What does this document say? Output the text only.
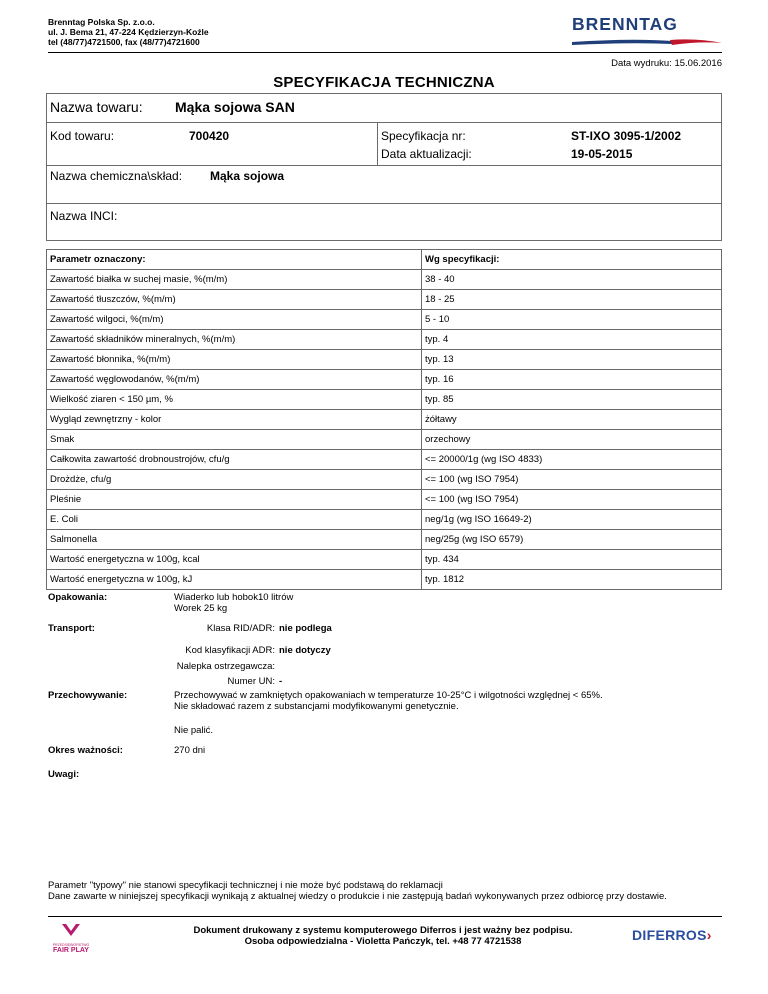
Brenntag Polska Sp. z.o.o.
ul. J. Bema 21, 47-224 Kędzierzyn-Koźle
tel (48/77)4721500, fax (48/77)4721600
BRENNTAG
Data wydruku: 15.06.2016
SPECYFIKACJA TECHNICZNA
Nazwa towaru: Mąka sojowa SAN
Kod towaru:	700420	Specyfikacja nr:	ST-IXO 3095-1/2002
Data aktualizacji:	19-05-2015
Nazwa chemiczna\skład: Mąka sojowa
Nazwa INCI:
Parametr oznaczony:	Wg specyfikacji:
Zawartość białka w suchej masie, %(m/m)	38 - 40
Zawartość tłuszczów, %(m/m)	18 - 25
Zawartość wilgoci, %(m/m)	5 - 10
Zawartość składników mineralnych, %(m/m)	typ. 4
Zawartość błonnika, %(m/m)	typ. 13
Zawartość węglowodanów, %(m/m)	typ. 16
Wielkość ziaren < 150 µm, %	typ. 85
Wygląd zewnętrzny - kolor	żółtawy
Smak	orzechowy
Całkowita zawartość drobnoustrojów, cfu/g	<= 20000/1g (wg ISO 4833)
Drożdże, cfu/g	<= 100 (wg ISO 7954)
Pleśnie	<= 100 (wg ISO 7954)
E. Coli	neg/1g (wg ISO 16649-2)
Salmonella	neg/25g (wg ISO 6579)
Wartość energetyczna w 100g, kcal	typ. 434
Wartość energetyczna w 100g, kJ	typ. 1812
Opakowania:	Wiaderko lub hobok10 litrów
Worek 25 kg
Transport:	Klasa RID/ADR: nie podlega
Kod klasyfikacji ADR: nie dotyczy
Nalepka ostrzegawcza:
Numer UN: -
Przechowywanie:	Przechowywać w zamkniętych opakowaniach w temperaturze 10-25°C i wilgotności względnej < 65%.
Nie składować razem z substancjami modyfikowanymi genetycznie.
Nie palić.
Okres ważności:	270 dni
Uwagi:
Parametr "typowy" nie stanowi specyfikacji technicznej i nie może być podstawą do reklamacji
Dane zawarte w niniejszej specyfikacji wynikają z aktualnej wiedzy o produkcie i nie zastępują badań wykonywanych przez odbiorcę przy dostawie.
PRZEDSIĘBIORSTWO
FAIR PLAY
Dokument drukowany z systemu komputerowego Diferros i jest ważny bez podpisu.
Osoba odpowiedzialna - Violetta Pańczyk, tel. +48 77 4721538	DIFERROS›
